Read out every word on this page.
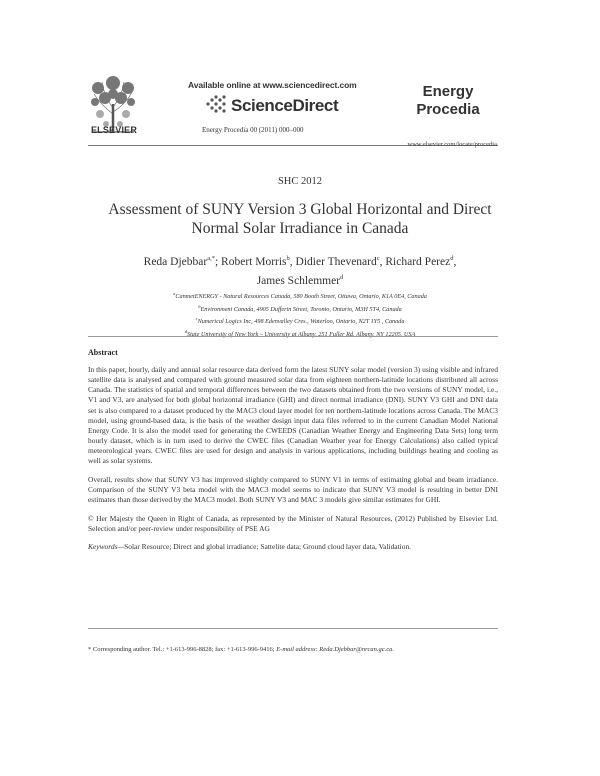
ELSEVIER
Available online at www.sciencedirect.com
ScienceDirect
Energy Procedia 00 (2011) 000–000
Energy
Procedia
www.elsevier.com/locate/procedia
SHC 2012
Assessment of SUNY Version 3 Global Horizontal and Direct
Normal Solar Irradiance in Canada
Reda Djebbar$^{a,*}$; Robert Morris$^b$, Didier Thevenard$^c$, Richard Perez$^d$,
James Schlemmer$^d$
$^a$CanmetENERGY - Natural Resources Canada, 580 Booth Street, Ottawa, Ontario, K1A 0E4, Canada
$^b$Environment Canada, 4905 Dufferin Street, Toronto, Ontario, M3H 5T4, Canada
$^c$Numerical Logics Inc, 498 Edenvalley Cres., Waterloo, Ontario, N2T 1Y5 , Canada
$^d$State University of New York – University at Albany, 251 Fuller Rd. Albany, NY 12205, USA
Abstract

In this paper, hourly, daily and annual solar resource data derived form the latest SUNY solar model (version 3) using visible and infrared satellite data is analysed and compared with ground measured solar data from eighteen northern-latitude locations distributed all across Canada. The statistics of spatial and temporal differences between the two datasets obtained from the two versions of SUNY model, i.e., V1 and V3, are analysed for both global horizontal irradiance (GHI) and direct normal irradiance (DNI). SUNY V3 GHI and DNI data set is also compared to a dataset produced by the MAC3 cloud layer model for ten northern-latitude locations across Canada. The MAC3 model, using ground-based data, is the basis of the weather design input data files referred to in the current Canadian Model National Energy Code. It is also the model used for generating the CWEEDS (Canadian Weather Energy and Engineering Data Sets) long term hourly dataset, which is in turn used to derive the CWEC files (Canadian Weather year for Energy Calculations) also called typical meteorological years. CWEC files are used for design and analysis in various applications, including buildings heating and cooling as well as solar systems.

Overall, results show that SUNY V3 has improved slightly compared to SUNY V1 in terms of estimating global and beam irradiance. Comparison of the SUNY V3 beta model with the MAC3 model seems to indicate that SUNY V3 model is resulting in better DNI estimates than those derived by the MAC3 model. Both SUNY V3 and MAC 3 models give similar estimates for GHI.

© Her Majesty the Queen in Right of Canada, as represented by the Minister of Natural Resources, (2012) Published by Elsevier Ltd. Selection and/or peer-review under responsibility of PSE AG

Keywords—Solar Resource; Direct and global irradiance; Sattelite data; Ground cloud layer data, Validation.

* Corresponding author. Tel.: +1-613-996-8828; fax: +1-613-996-9416; E-mail address: Reda.Djebbar@nrcan.gc.ca.
